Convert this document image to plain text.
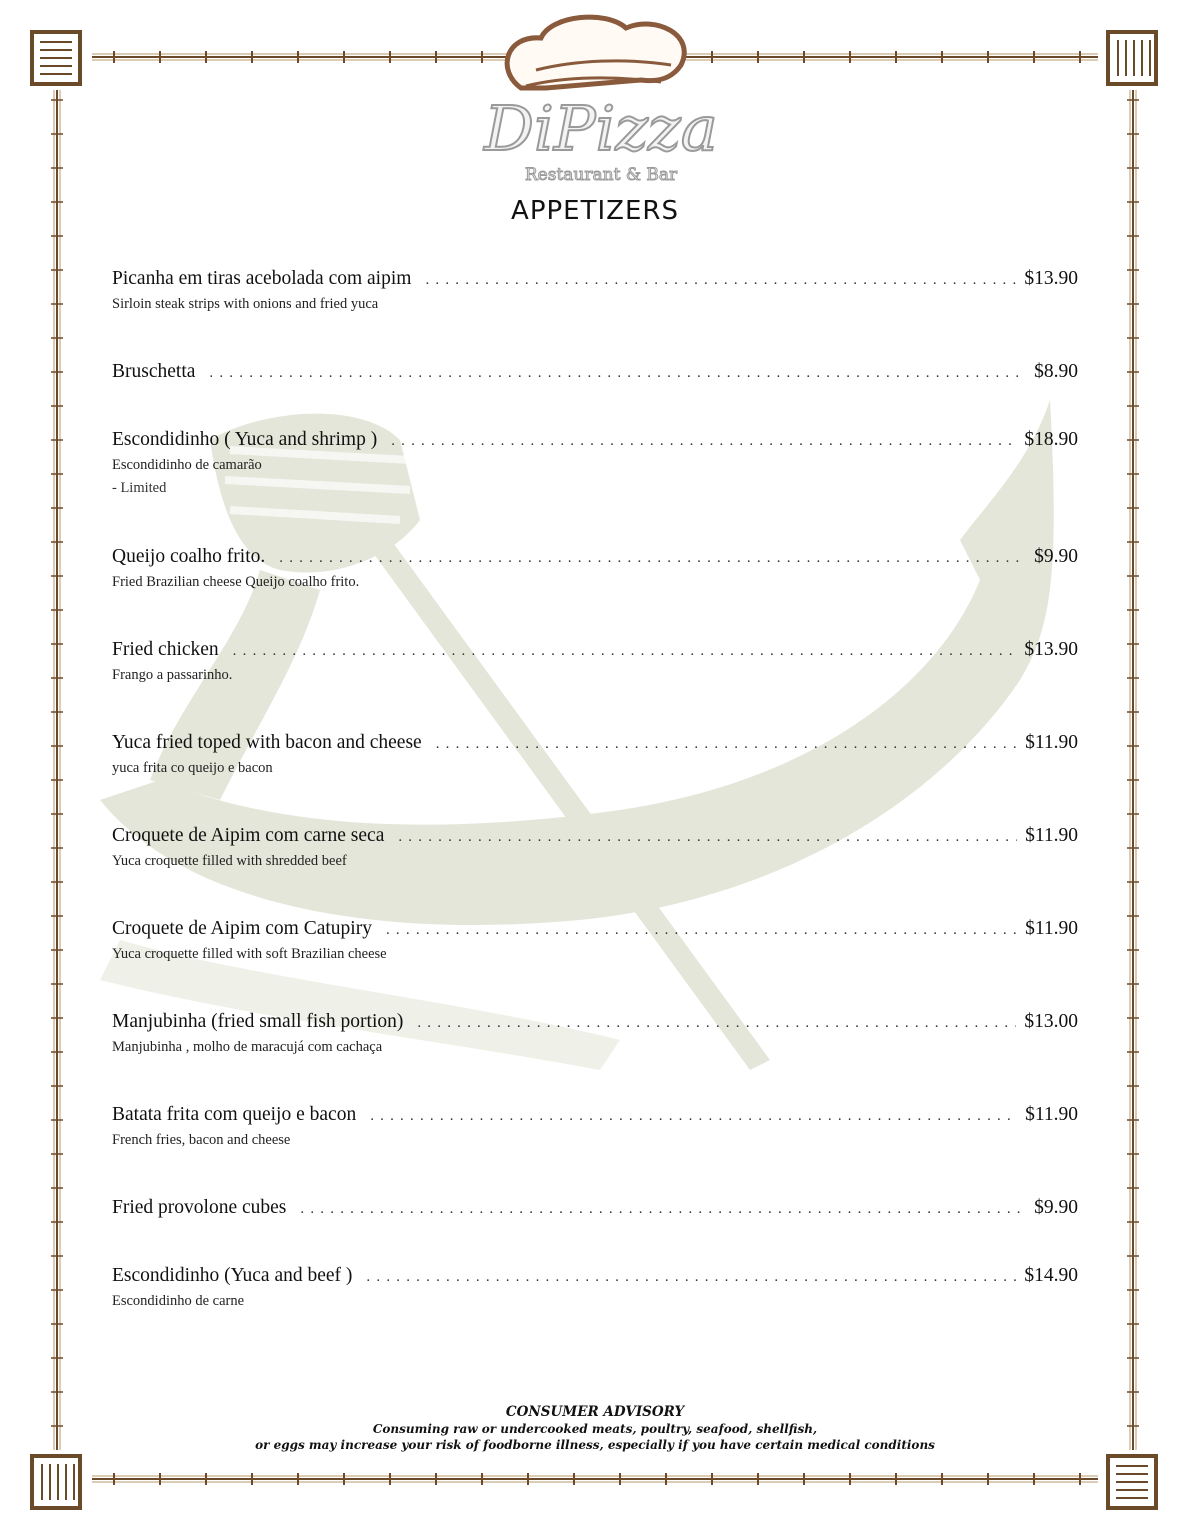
DiPizza
Restaurant & Bar
APPETIZERS
Picanha em tiras acebolada com aipim .....	$13.90
Sirloin steak strips with onions and fried yuca
Bruschetta .....	$8.90
Escondidinho ( Yuca and shrimp ) .....	$18.90
Escondidinho de camarão
- Limited
Queijo coalho frito. .....	$9.90
Fried Brazilian cheese Queijo coalho frito.
Fried chicken .....	$13.90
Frango a passarinho.
Yuca fried toped with bacon and cheese .....	$11.90
yuca frita co queijo e bacon
Croquete de Aipim com carne seca .....	$11.90
Yuca croquette filled with shredded beef
Croquete de Aipim com Catupiry .....	$11.90
Yuca croquette filled with soft Brazilian cheese
Manjubinha (fried small fish portion) .....	$13.00
Manjubinha , molho de maracujá com cachaça
Batata frita com queijo e bacon .....	$11.90
French fries, bacon and cheese
Fried provolone cubes .....	$9.90
Escondidinho (Yuca and beef ) .....	$14.90
Escondidinho de carne
CONSUMER ADVISORY
Consuming raw or undercooked meats, poultry, seafood, shellfish,
or eggs may increase your risk of foodborne illness, especially if you have certain medical conditions
